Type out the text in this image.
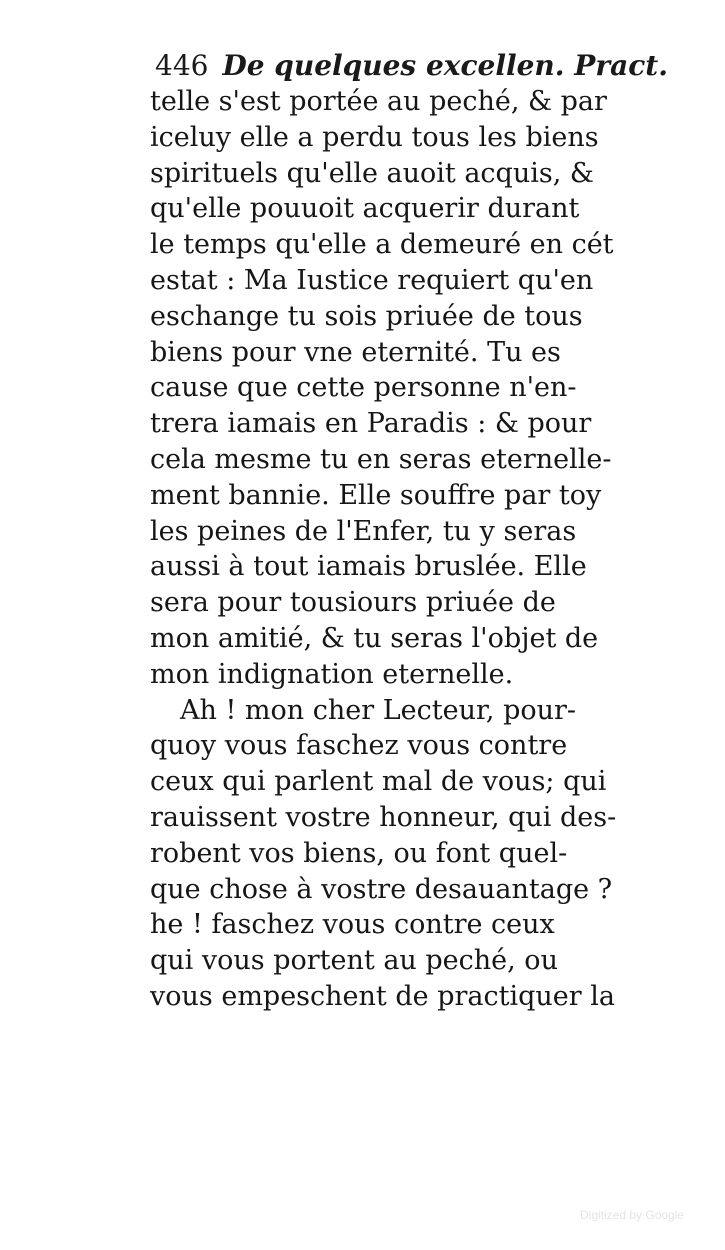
446 De quelques excellen. Pract.
telle s'est portée au peché, & par
iceluy elle a perdu tous les biens
spirituels qu'elle auoit acquis, &
qu'elle pouuoit acquerir durant
le temps qu'elle a demeuré en cét
estat : Ma Iustice requiert qu'en
eschange tu sois priuée de tous
biens pour vne eternité. Tu es
cause que cette personne n'en-
trera iamais en Paradis : & pour
cela mesme tu en seras eternelle-
ment bannie. Elle souffre par toy
les peines de l'Enfer, tu y seras
aussi à tout iamais bruslée. Elle
sera pour tousiours priuée de
mon amitié, & tu seras l'objet de
mon indignation eternelle.
Ah ! mon cher Lecteur, pour-
quoy vous faschez vous contre
ceux qui parlent mal de vous; qui
rauissent vostre honneur, qui des-
robent vos biens, ou font quel-
que chose à vostre desauantage ?
he ! faschez vous contre ceux
qui vous portent au peché, ou
vous empeschent de practiquer la
Digitized by Google
